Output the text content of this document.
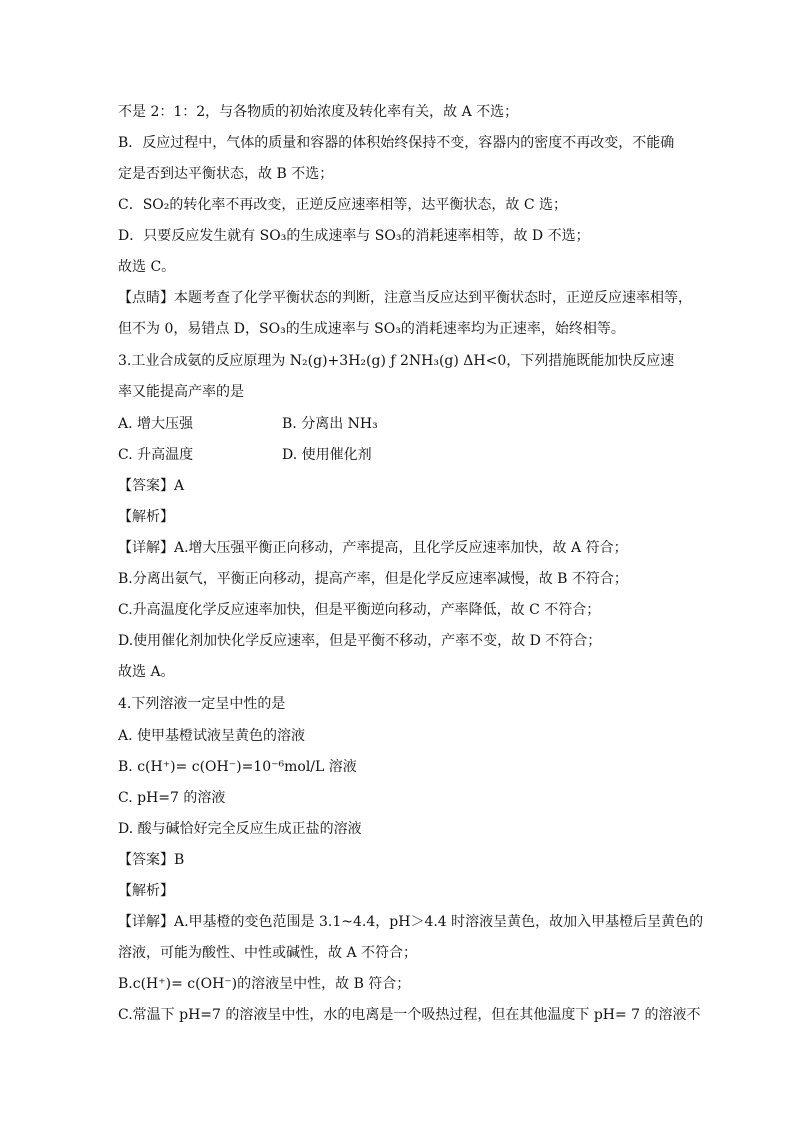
不是 2：1：2，与各物质的初始浓度及转化率有关，故 A 不选；
B．反应过程中，气体的质量和容器的体积始终保持不变，容器内的密度不再改变，不能确
定是否到达平衡状态，故 B 不选；
C．SO₂的转化率不再改变，正逆反应速率相等，达平衡状态，故 C 选；
D．只要反应发生就有 SO₃的生成速率与 SO₃的消耗速率相等，故 D 不选；
故选 C。
【点睛】本题考查了化学平衡状态的判断，注意当反应达到平衡状态时，正逆反应速率相等，
但不为 0，易错点 D，SO₃的生成速率与 SO₃的消耗速率均为正速率，始终相等。
3.工业合成氨的反应原理为 N₂(g)+3H₂(g) ƒ 2NH₃(g) ΔH<0，下列措施既能加快反应速
率又能提高产率的是
A. 增大压强	B. 分离出 NH₃
C. 升高温度	D. 使用催化剂
【答案】A
【解析】
【详解】A.增大压强平衡正向移动，产率提高，且化学反应速率加快，故 A 符合；
B.分离出氨气，平衡正向移动，提高产率，但是化学反应速率减慢，故 B 不符合；
C.升高温度化学反应速率加快，但是平衡逆向移动，产率降低，故 C 不符合；
D.使用催化剂加快化学反应速率，但是平衡不移动，产率不变，故 D 不符合；
故选 A。
4.下列溶液一定呈中性的是
A. 使甲基橙试液呈黄色的溶液
B. c(H⁺)= c(OH⁻)=10⁻⁶mol/L 溶液
C. pH=7 的溶液
D. 酸与碱恰好完全反应生成正盐的溶液
【答案】B
【解析】
【详解】A.甲基橙的变色范围是 3.1~4.4，pH＞4.4 时溶液呈黄色，故加入甲基橙后呈黄色的
溶液，可能为酸性、中性或碱性，故 A 不符合；
B.c(H⁺)= c(OH⁻)的溶液呈中性，故 B 符合；
C.常温下 pH=7 的溶液呈中性，水的电离是一个吸热过程，但在其他温度下 pH= 7 的溶液不
